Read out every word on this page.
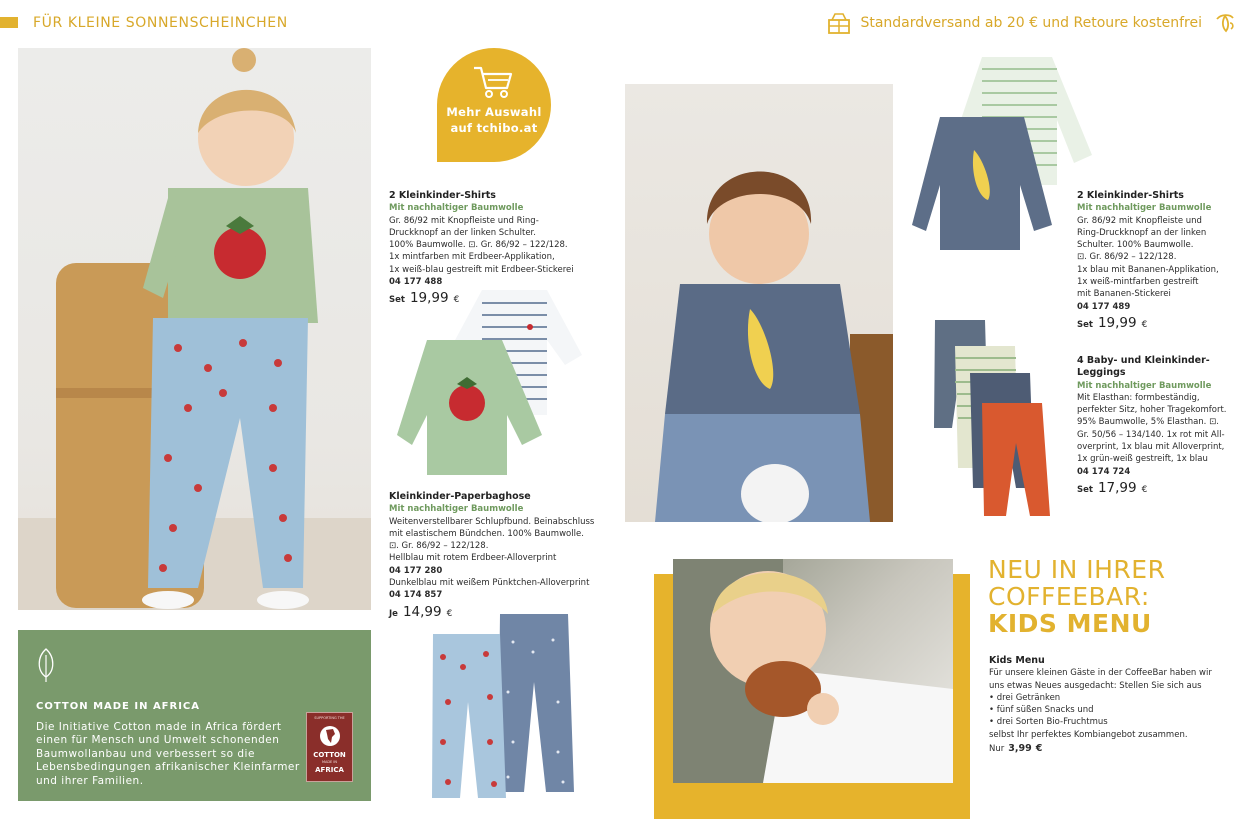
FÜR KLEINE SONNENSCHEINCHEN	Standardversand ab 20 € und Retoure kostenfrei
COTTON MADE IN AFRICA

Die Initiative Cotton made in Africa fördert einen für Mensch und Umwelt schonenden Baumwollanbau und verbessert so die Lebensbedingungen afrikanischer Kleinfarmer und ihrer Familien.

SUPPORTING THE
COTTON
MADE IN
AFRICA
Mehr Auswahl
auf tchibo.at
2 Kleinkinder-Shirts
Mit nachhaltiger Baumwolle
Gr. 86/92 mit Knopfleiste und Ring-
Druckknopf an der linken Schulter.
100% Baumwolle. ⊡. Gr. 86/92 – 122/128.
1x mintfarben mit Erdbeer-Applikation,
1x weiß-blau gestreift mit Erdbeer-Stickerei
04 177 488
Set 19,99 €
Kleinkinder-Paperbaghose
Mit nachhaltiger Baumwolle
Weitenverstellbarer Schlupfbund. Beinabschluss
mit elastischem Bündchen. 100% Baumwolle.
⊡. Gr. 86/92 – 122/128.
Hellblau mit rotem Erdbeer-Alloverprint
04 177 280
Dunkelblau mit weißem Pünktchen-Alloverprint
04 174 857
Je 14,99 €
2 Kleinkinder-Shirts
Mit nachhaltiger Baumwolle
Gr. 86/92 mit Knopfleiste und
Ring-Druckknopf an der linken
Schulter. 100% Baumwolle.
⊡. Gr. 86/92 – 122/128.
1x blau mit Bananen-Applikation,
1x weiß-mintfarben gestreift
mit Bananen-Stickerei
04 177 489
Set 19,99 €
4 Baby- und Kleinkinder-
Leggings
Mit nachhaltiger Baumwolle
Mit Elasthan: formbeständig,
perfekter Sitz, hoher Tragekomfort.
95% Baumwolle, 5% Elasthan. ⊡.
Gr. 50/56 – 134/140. 1x rot mit All-
overprint, 1x blau mit Alloverprint,
1x grün-weiß gestreift, 1x blau
04 174 724
Set 17,99 €
NEU IN IHRER
COFFEEBAR:
KIDS MENU
Kids Menu
Für unsere kleinen Gäste in der CoffeeBar haben wir
uns etwas Neues ausgedacht: Stellen Sie sich aus
• drei Getränken
• fünf süßen Snacks und
• drei Sorten Bio-Fruchtmus
selbst Ihr perfektes Kombiangebot zusammen.
Nur 3,99 €
